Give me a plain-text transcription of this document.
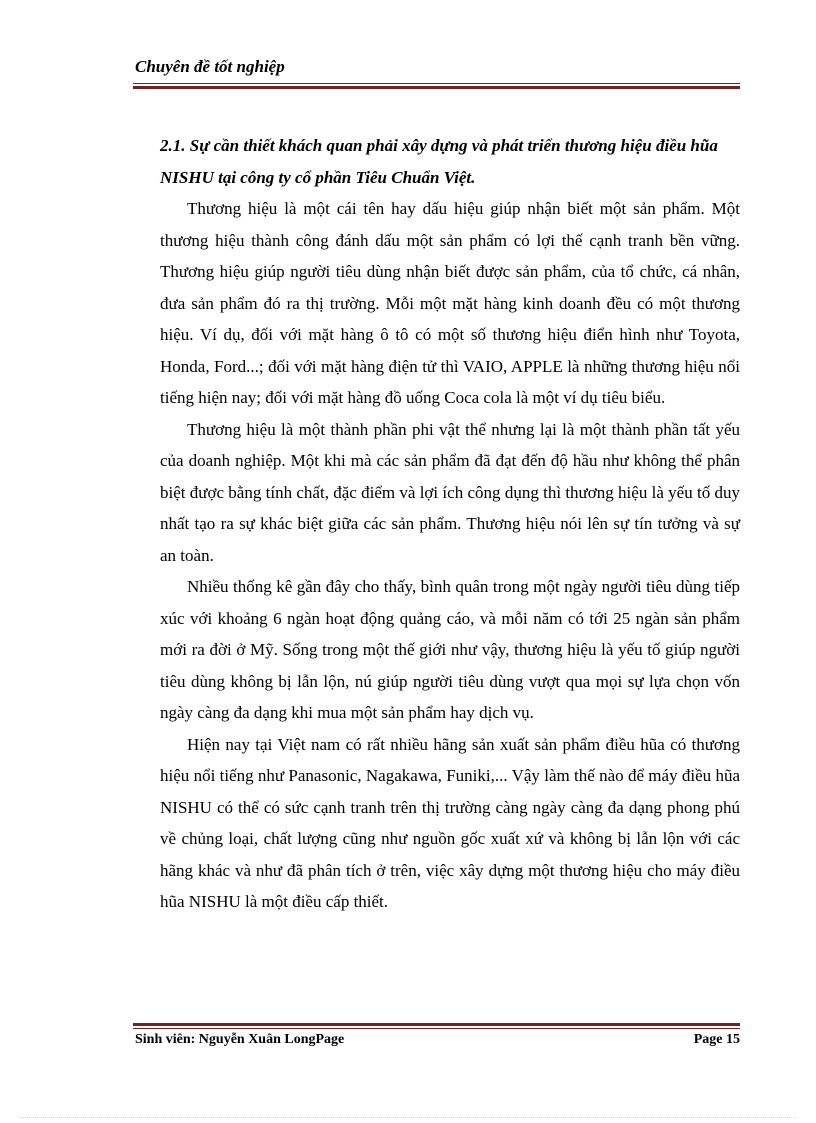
Chuyên đề tốt nghiệp
2.1. Sự cần thiết khách quan phải xây dựng và phát triển thương hiệu điều hũa NISHU tại công ty cổ phần Tiêu Chuẩn Việt.

Thương hiệu là một cái tên hay dấu hiệu giúp nhận biết một sản phẩm. Một thương hiệu thành công đánh dấu một sản phẩm có lợi thế cạnh tranh bền vững. Thương hiệu giúp người tiêu dùng nhận biết được sản phẩm, của tổ chức, cá nhân, đưa sản phẩm đó ra thị trường. Mỗi một mặt hàng kinh doanh đều có một thương hiệu. Ví dụ, đối với mặt hàng ô tô có một số thương hiệu điển hình như Toyota, Honda, Ford...; đối với mặt hàng điện tử thì VAIO, APPLE là những thương hiệu nổi tiếng hiện nay; đối với mặt hàng đồ uống Coca cola là một ví dụ tiêu biểu.

Thương hiệu là một thành phần phi vật thể nhưng lại là một thành phần tất yếu của doanh nghiệp. Một khi mà các sản phẩm đã đạt đến độ hầu như không thể phân biệt được bằng tính chất, đặc điểm và lợi ích công dụng thì thương hiệu là yếu tố duy nhất tạo ra sự khác biệt giữa các sản phẩm. Thương hiệu nói lên sự tín tưởng và sự an toàn.

Nhiều thống kê gần đây cho thấy, bình quân trong một ngày người tiêu dùng tiếp xúc với khoảng 6 ngàn hoạt động quảng cáo, và mỗi năm có tới 25 ngàn sản phẩm mới ra đời ở Mỹ. Sống trong một thế giới như vậy, thương hiệu là yếu tố giúp người tiêu dùng không bị lẫn lộn, nú giúp người tiêu dùng vượt qua mọi sự lựa chọn vốn ngày càng đa dạng khi mua một sản phẩm hay dịch vụ.

Hiện nay tại Việt nam có rất nhiều hãng sản xuất sản phẩm điều hũa có thương hiệu nổi tiếng như Panasonic, Nagakawa, Funiki,... Vậy làm thế nào để máy điều hũa NISHU có thể có sức cạnh tranh trên thị trường càng ngày càng đa dạng phong phú về chủng loại, chất lượng cũng như nguồn gốc xuất xứ và không bị lẫn lộn với các hãng khác và như đã phân tích ở trên, việc xây dựng một thương hiệu cho máy điều hũa NISHU là một điều cấp thiết.

Sinh viên: Nguyễn Xuân LongPage	Page 15
